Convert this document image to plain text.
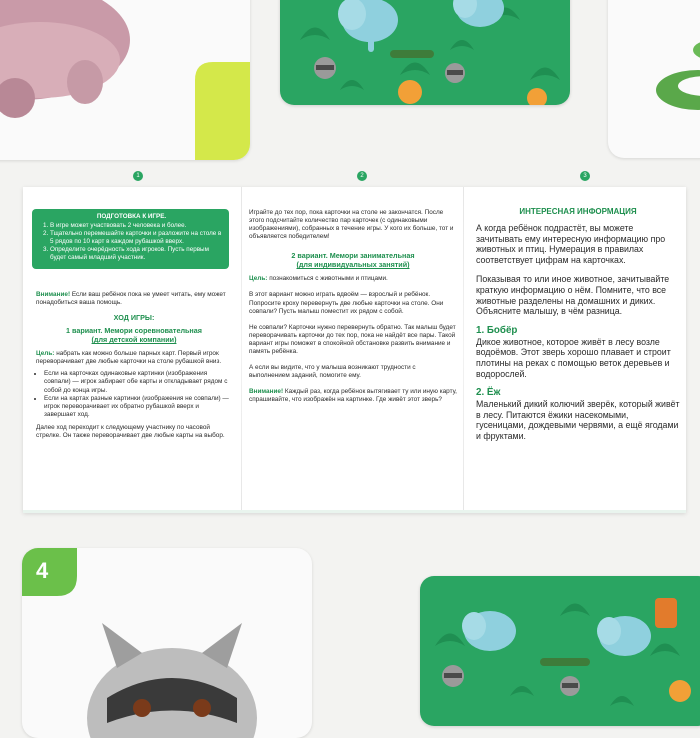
4
ПОДГОТОВКА К ИГРЕ.
1. В игре может участвовать 2 человека и более.
2. Тщательно перемешайте карточки и разложите на столе в 5 рядов по 10 карт в каждом рубашкой вверх.
3. Определите очерёдность хода игроков. Пусть первым будет самый младший участник.

Внимание! Если ваш ребёнок пока не умеет читать, ему может понадобиться ваша помощь.

ХОД ИГРЫ:

1 вариант. Мемори соревновательная

(для детской компании)

Цель: набрать как можно больше парных карт. Первый игрок переворачивает две любые карточки на столе рубашкой вниз.

• Если на карточках одинаковые картинки (изображения совпали) — игрок забирает обе карты и откладывает рядом с собой до конца игры.
• Если на картах разные картинки (изображения не совпали) — игрок переворачивает их обратно рубашкой вверх и завершает ход.

Далее ход переходит к следующему участнику по часовой стрелке. Он также переворачивает две любые карты на выбор.

1

Играйте до тех пор, пока карточки на столе не закончатся. После этого подсчитайте количество пар карточек (с одинаковыми изображениями), собранных в течение игры. У кого их больше, тот и объявляется победителем!

2 вариант. Мемори занимательная

(для индивидуальных занятий)

Цель: познакомиться с животными и птицами.

В этот вариант можно играть вдвоём — взрослый и ребёнок. Попросите кроху перевернуть две любые карточки на столе. Они совпали? Пусть малыш поместит их рядом с собой.

Не совпали? Карточки нужно перевернуть обратно. Так малыш будет переворачивать карточки до тех пор, пока не найдёт все пары. Такой вариант игры поможет в спокойной обстановке развить внимание и память ребёнка.

А если вы видите, что у малыша возникают трудности с выполнением заданий, помогите ему.

Внимание! Каждый раз, когда ребёнок вытягивает ту или иную карту, спрашивайте, что изображён на картинке. Где живёт этот зверь?

2

ИНТЕРЕСНАЯ ИНФОРМАЦИЯ

А когда ребёнок подрастёт, вы можете зачитывать ему интересную информацию про животных и птиц. Нумерация в правилах соответствует цифрам на карточках.

Показывая то или иное животное, зачитывайте краткую информацию о нём. Помните, что все животные разделены на домашних и диких. Объясните малышу, в чём разница.

1. Бобёр

Дикое животное, которое живёт в лесу возле водоёмов. Этот зверь хорошо плавает и строит плотины на реках с помощью веток деревьев и водорослей.

2. Ёж

Маленький дикий колючий зверёк, который живёт в лесу. Питаются ёжики насекомыми, гусеницами, дождевыми червями, а ещё ягодами и фруктами.

3
